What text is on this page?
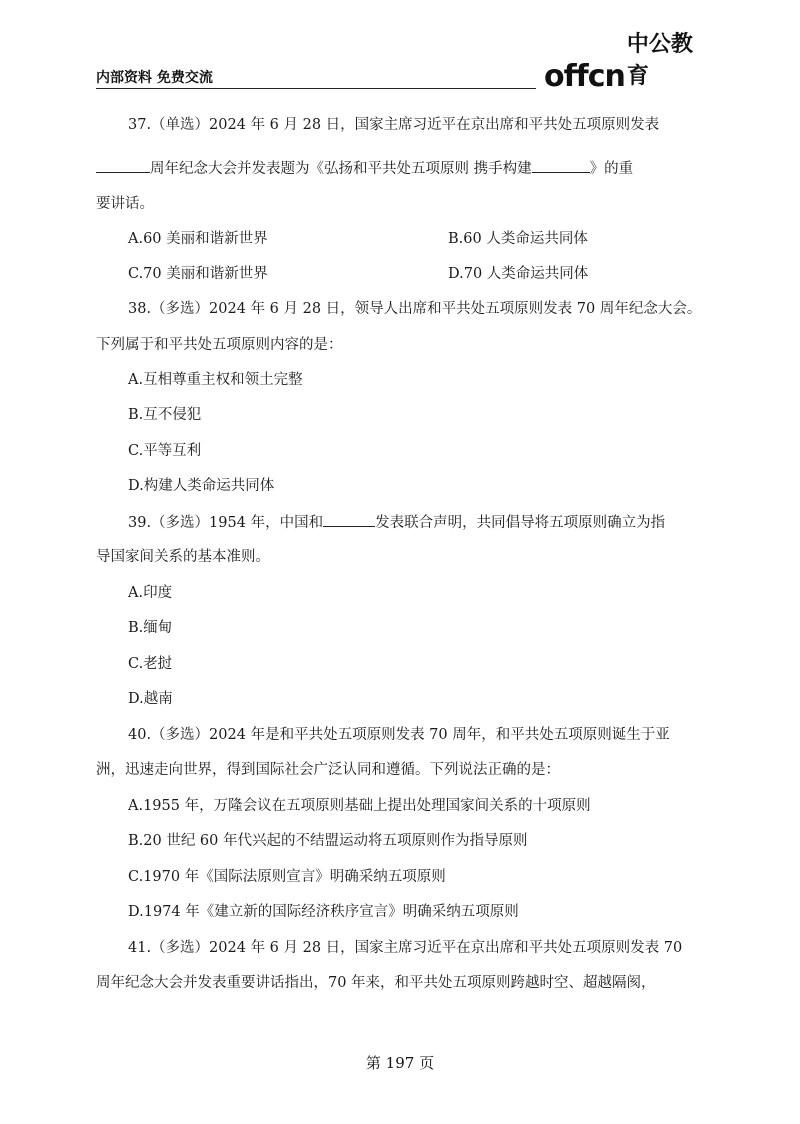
内部资料 免费交流	offcn
中公教育
37.（单选）2024 年 6 月 28 日，国家主席习近平在京出席和平共处五项原则发表
周年纪念大会并发表题为《弘扬和平共处五项原则 携手构建	》的重
要讲话。
A.60 美丽和谐新世界	B.60 人类命运共同体
C.70 美丽和谐新世界	D.70 人类命运共同体
38.（多选）2024 年 6 月 28 日，领导人出席和平共处五项原则发表 70 周年纪念大会。
下列属于和平共处五项原则内容的是：
A.互相尊重主权和领土完整
B.互不侵犯
C.平等互利
D.构建人类命运共同体
39.（多选）1954 年，中国和	发表联合声明，共同倡导将五项原则确立为指
导国家间关系的基本准则。
A.印度
B.缅甸
C.老挝
D.越南
40.（多选）2024 年是和平共处五项原则发表 70 周年，和平共处五项原则诞生于亚
洲，迅速走向世界，得到国际社会广泛认同和遵循。下列说法正确的是：
A.1955 年，万隆会议在五项原则基础上提出处理国家间关系的十项原则
B.20 世纪 60 年代兴起的不结盟运动将五项原则作为指导原则
C.1970 年《国际法原则宣言》明确采纳五项原则
D.1974 年《建立新的国际经济秩序宣言》明确采纳五项原则
41.（多选）2024 年 6 月 28 日，国家主席习近平在京出席和平共处五项原则发表 70
周年纪念大会并发表重要讲话指出，70 年来，和平共处五项原则跨越时空、超越隔阂，
第 197 页
